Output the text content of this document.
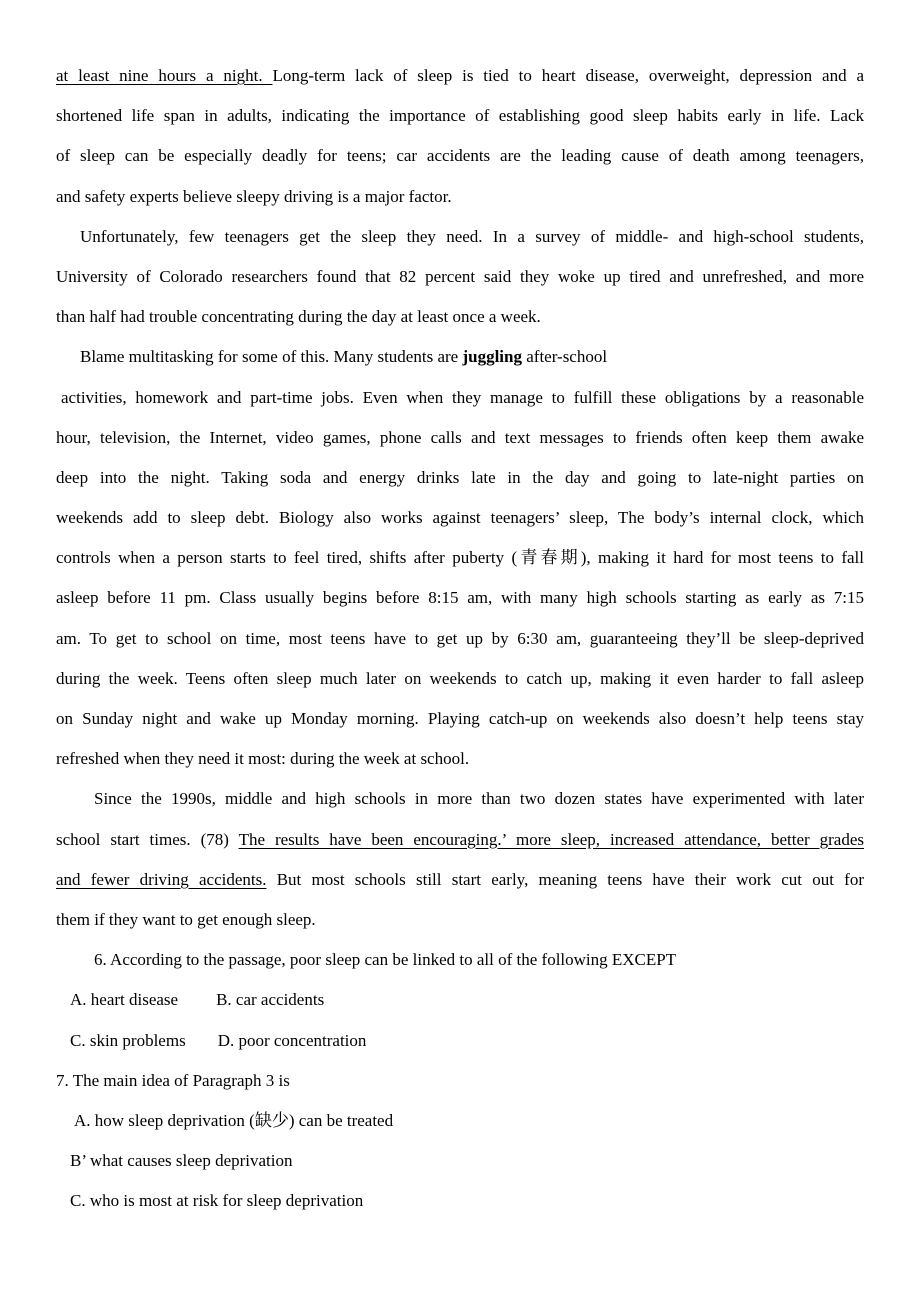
at least nine hours a night. Long-term lack of sleep is tied to heart disease, overweight, depression and a
shortened life span in adults, indicating the importance of establishing good sleep habits early in life. Lack
of sleep can be especially deadly for teens; car accidents are the leading cause of death among teenagers,
and safety experts believe sleepy driving is a major factor.
Unfortunately, few teenagers get the sleep they need. In a survey of middle- and high-school students,
University of Colorado researchers found that 82 percent said they woke up tired and unrefreshed, and more
than half had trouble concentrating during the day at least once a week.
Blame multitasking for some of this. Many students are juggling after-school
activities, homework and part-time jobs. Even when they manage to fulfill these obligations by a reasonable
hour, television, the Internet, video games, phone calls and text messages to friends often keep them awake
deep into the night. Taking soda and energy drinks late in the day and going to late-night parties on
weekends add to sleep debt. Biology also works against teenagers’ sleep, The body’s internal clock, which
controls when a person starts to feel tired, shifts after puberty (青春期), making it hard for most teens to fall
asleep before 11 pm. Class usually begins before 8:15 am, with many high schools starting as early as 7:15
am. To get to school on time, most teens have to get up by 6:30 am, guaranteeing they’ll be sleep-deprived
during the week. Teens often sleep much later on weekends to catch up, making it even harder to fall asleep
on Sunday night and wake up Monday morning. Playing catch-up on weekends also doesn’t help teens stay
refreshed when they need it most: during the week at school.
Since the 1990s, middle and high schools in more than two dozen states have experimented with later
school start times. (78) The results have been encouraging.’ more sleep, increased attendance, better grades
and fewer driving accidents. But most schools still start early, meaning teens have their work cut out for
them if they want to get enough sleep.
6. According to the passage, poor sleep can be linked to all of the following EXCEPT
A. heart disease B. car accidents
C. skin problems D. poor concentration
7. The main idea of Paragraph 3 is
A. how sleep deprivation (缺少) can be treated
B’ what causes sleep deprivation
C. who is most at risk for sleep deprivation
